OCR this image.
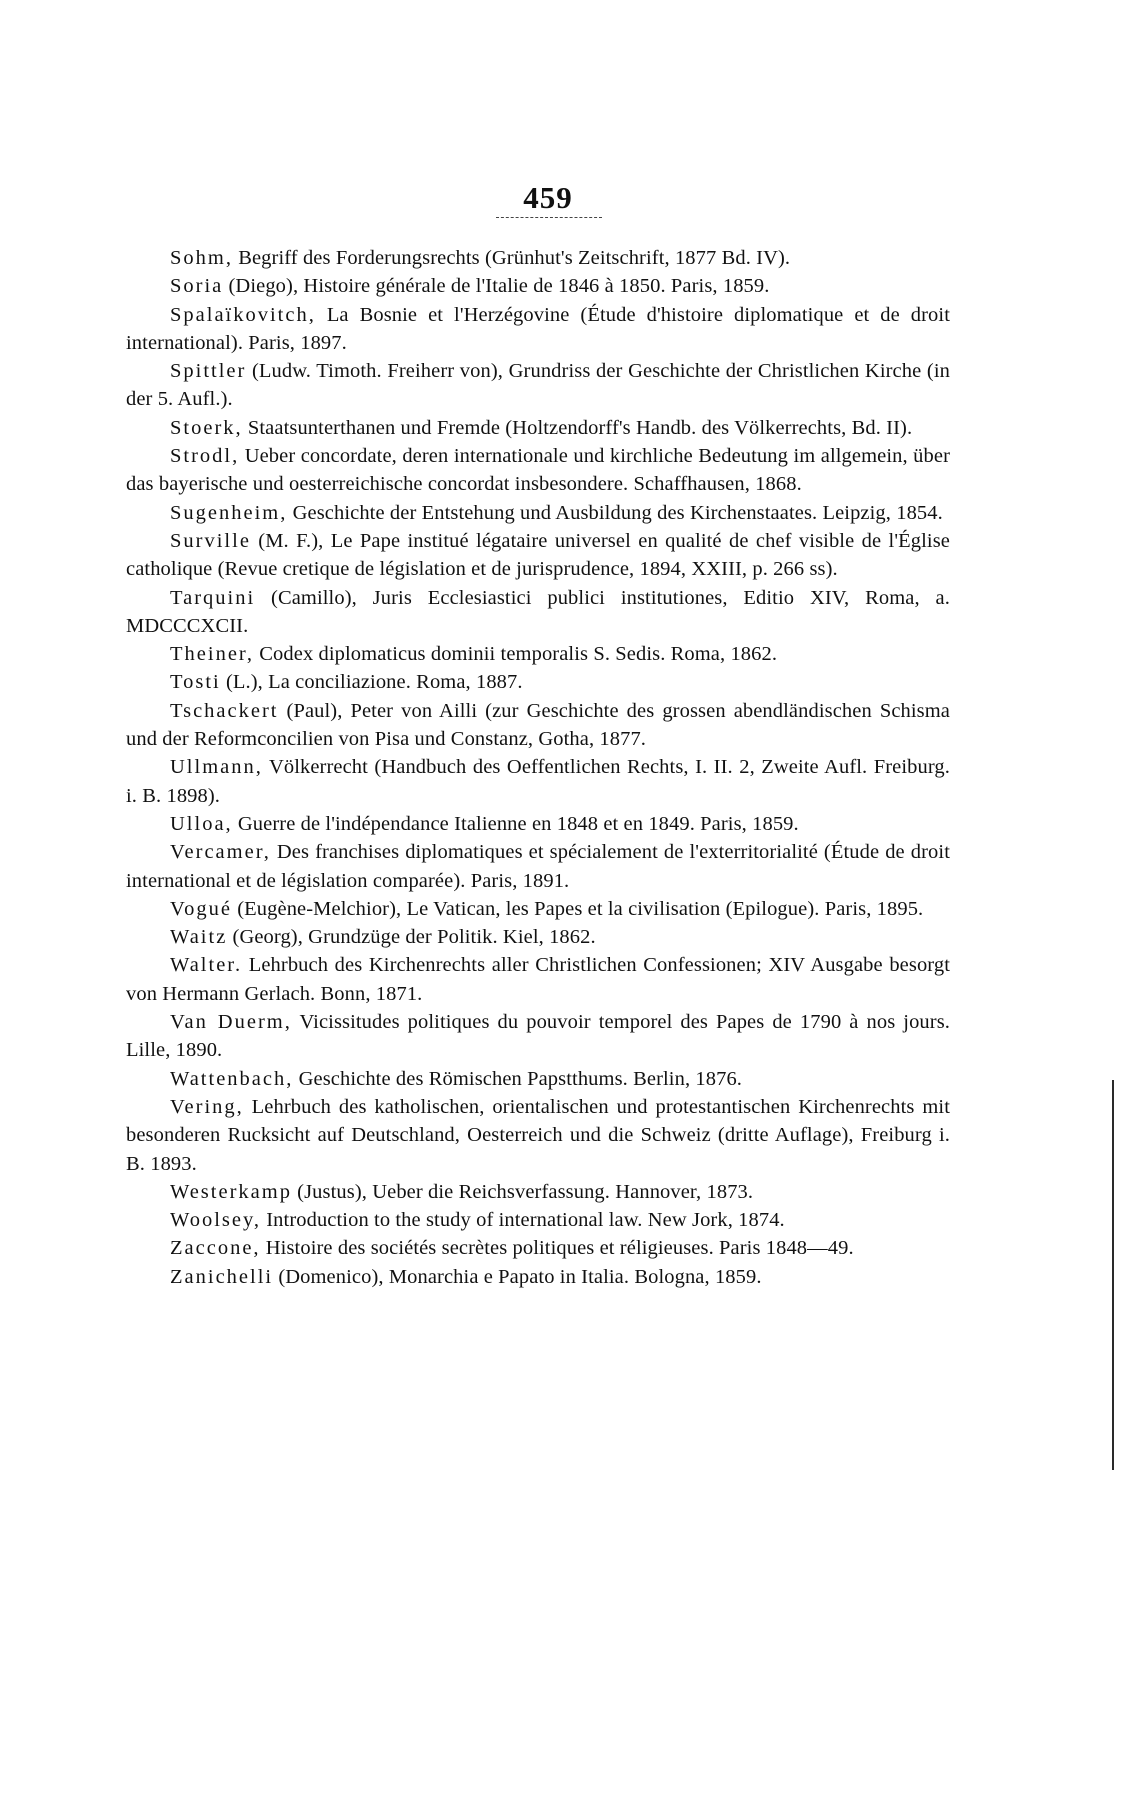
459

Sohm, Begriff des Forderungsrechts (Grünhut's Zeitschrift, 1877 Bd. IV).

Soria (Diego), Histoire générale de l'Italie de 1846 à 1850. Paris, 1859.

Spalaïkovitch, La Bosnie et l'Herzégovine (Étude d'histoire diplomatique et de droit international). Paris, 1897.

Spittler (Ludw. Timoth. Freiherr von), Grundriss der Geschichte der Christlichen Kirche (in der 5. Aufl.).

Stoerk, Staatsunterthanen und Fremde (Holtzendorff's Handb. des Völkerrechts, Bd. II).

Strodl, Ueber concordate, deren internationale und kirchliche Bedeutung im allgemein, über das bayerische und oesterreichische concordat insbesondere. Schaffhausen, 1868.

Sugenheim, Geschichte der Entstehung und Ausbildung des Kirchenstaates. Leipzig, 1854.

Surville (M. F.), Le Pape institué légataire universel en qualité de chef visible de l'Église catholique (Revue cretique de législation et de jurisprudence, 1894, XXIII, p. 266 ss).

Tarquini (Camillo), Juris Ecclesiastici publici institutiones, Editio XIV, Roma, a. MDCCCXCII.

Theiner, Codex diplomaticus dominii temporalis S. Sedis. Roma, 1862.

Tosti (L.), La conciliazione. Roma, 1887.

Tschackert (Paul), Peter von Ailli (zur Geschichte des grossen abendländischen Schisma und der Reformconcilien von Pisa und Constanz, Gotha, 1877.

Ullmann, Völkerrecht (Handbuch des Oeffentlichen Rechts, I. II. 2, Zweite Aufl. Freiburg. i. B. 1898).

Ulloa, Guerre de l'indépendance Italienne en 1848 et en 1849. Paris, 1859.

Vercamer, Des franchises diplomatiques et spécialement de l'exterritorialité (Étude de droit international et de législation comparée). Paris, 1891.

Vogué (Eugène-Melchior), Le Vatican, les Papes et la civilisation (Epilogue). Paris, 1895.

Waitz (Georg), Grundzüge der Politik. Kiel, 1862.

Walter. Lehrbuch des Kirchenrechts aller Christlichen Confessionen; XIV Ausgabe besorgt von Hermann Gerlach. Bonn, 1871.

Van Duerm, Vicissitudes politiques du pouvoir temporel des Papes de 1790 à nos jours. Lille, 1890.

Wattenbach, Geschichte des Römischen Papstthums. Berlin, 1876.

Vering, Lehrbuch des katholischen, orientalischen und protestantischen Kirchenrechts mit besonderen Rucksicht auf Deutschland, Oesterreich und die Schweiz (dritte Auflage), Freiburg i. B. 1893.

Westerkamp (Justus), Ueber die Reichsverfassung. Hannover, 1873.

Woolsey, Introduction to the study of international law. New Jork, 1874.

Zaccone, Histoire des sociétés secrètes politiques et réligieuses. Paris 1848—49.

Zanichelli (Domenico), Monarchia e Papato in Italia. Bologna, 1859.
